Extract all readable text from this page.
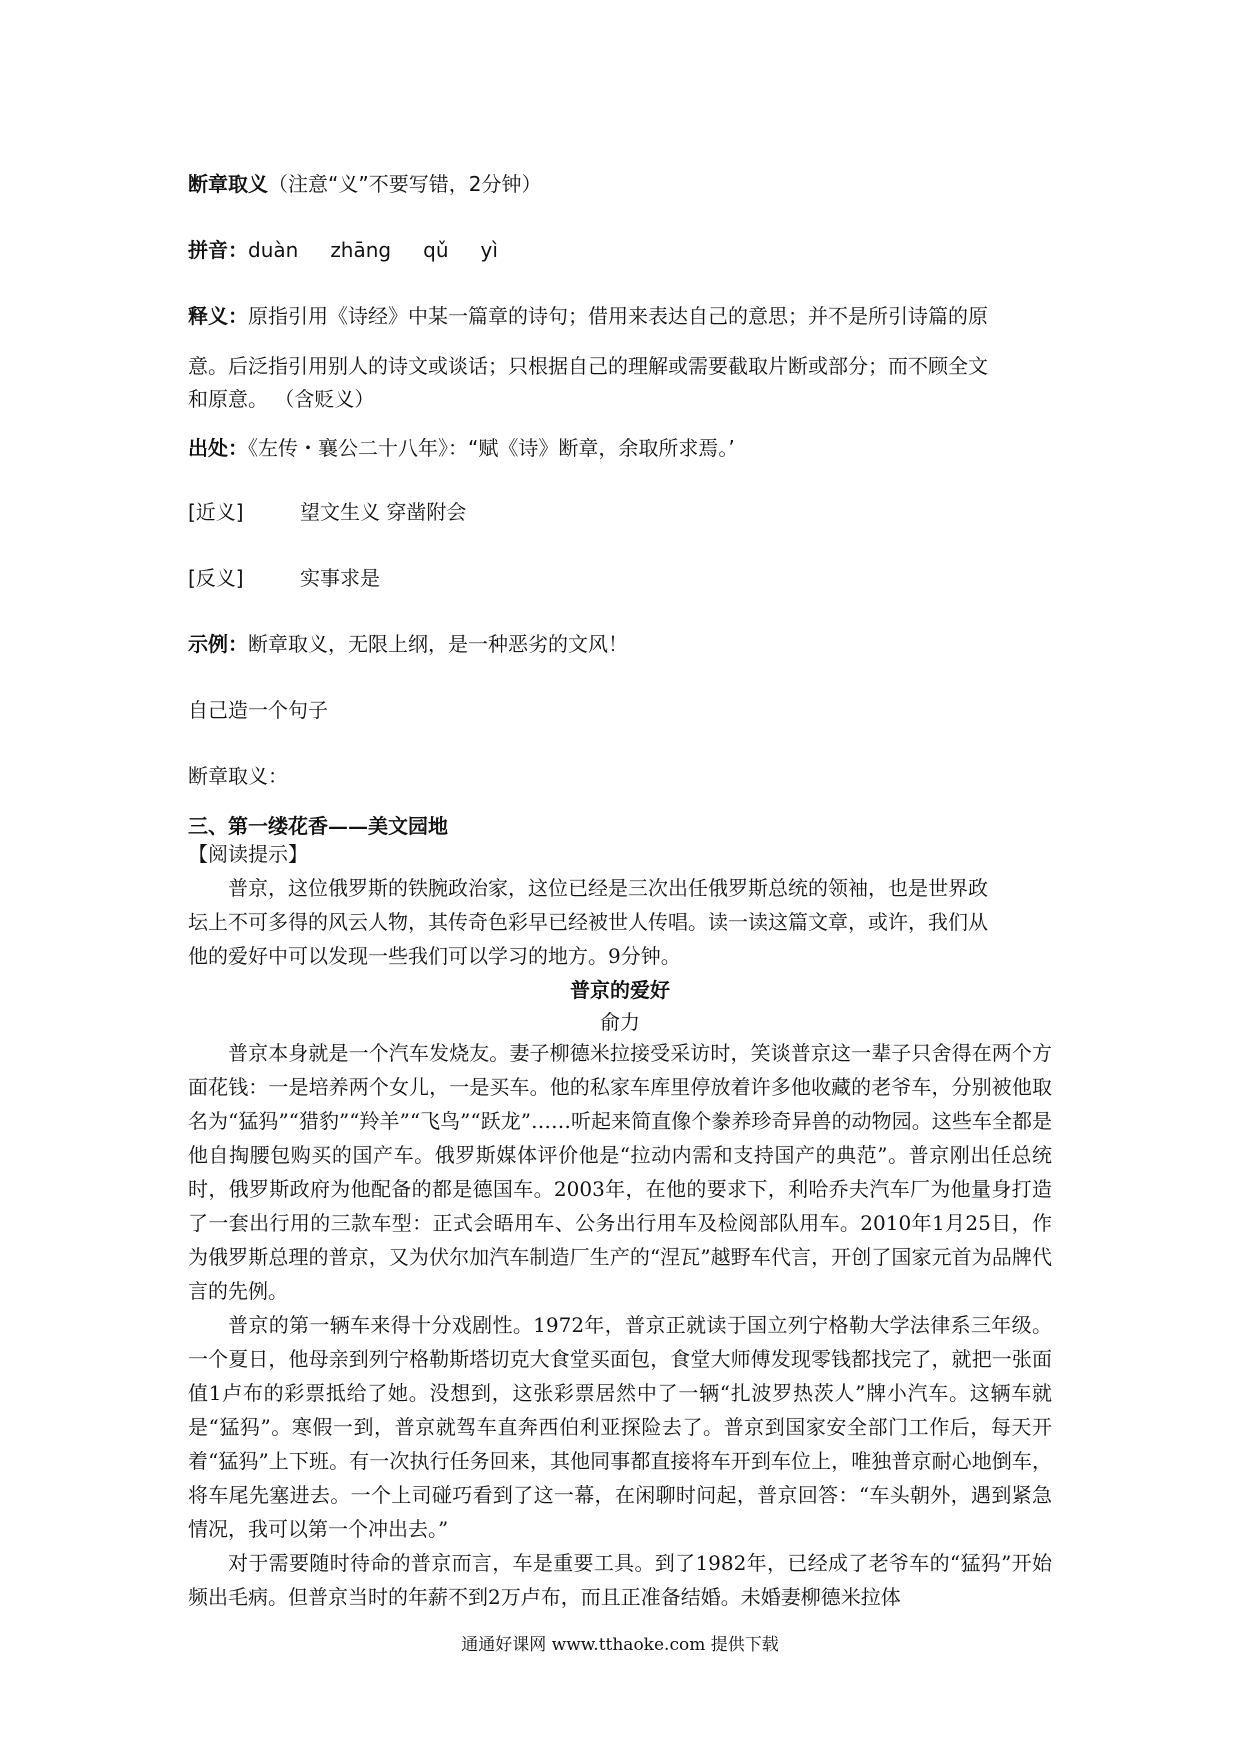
断章取义（注意“义”不要写错，2分钟）
拼音：duàn zhāng qǔ yì
释义：原指引用《诗经》中某一篇章的诗句；借用来表达自己的意思；并不是所引诗篇的原
意。后泛指引用别人的诗文或谈话；只根据自己的理解或需要截取片断或部分；而不顾全文
和原意。 （含贬义）
出处：《左传・襄公二十八年》：“赋《诗》断章，余取所求焉。’
[近义]	望文生义 穿凿附会
[反义]	实事求是
示例：断章取义，无限上纲，是一种恶劣的文风！
自己造一个句子
断章取义：
三、第一缕花香——美文园地
【阅读提示】
普京，这位俄罗斯的铁腕政治家，这位已经是三次出任俄罗斯总统的领袖，也是世界政
坛上不可多得的风云人物，其传奇色彩早已经被世人传唱。读一读这篇文章，或许，我们从
他的爱好中可以发现一些我们可以学习的地方。9分钟。
普京的爱好
俞力

普京本身就是一个汽车发烧友。妻子柳德米拉接受采访时，笑谈普京这一辈子只舍得在两个方面花钱：一是培养两个女儿，一是买车。他的私家车库里停放着许多他收藏的老爷车，分别被他取名为“猛犸”“猎豹”“羚羊”“飞鸟”“跃龙”……听起来简直像个豢养珍奇异兽的动物园。这些车全都是他自掏腰包购买的国产车。俄罗斯媒体评价他是“拉动内需和支持国产的典范”。普京刚出任总统时，俄罗斯政府为他配备的都是德国车。2003年，在他的要求下，利哈乔夫汽车厂为他量身打造了一套出行用的三款车型：正式会晤用车、公务出行用车及检阅部队用车。2010年1月25日，作为俄罗斯总理的普京，又为伏尔加汽车制造厂生产的“涅瓦”越野车代言，开创了国家元首为品牌代言的先例。

普京的第一辆车来得十分戏剧性。1972年，普京正就读于国立列宁格勒大学法律系三年级。一个夏日，他母亲到列宁格勒斯塔切克大食堂买面包，食堂大师傅发现零钱都找完了，就把一张面值1卢布的彩票抵给了她。没想到，这张彩票居然中了一辆“扎波罗热茨人”牌小汽车。这辆车就是“猛犸”。寒假一到，普京就驾车直奔西伯利亚探险去了。普京到国家安全部门工作后，每天开着“猛犸”上下班。有一次执行任务回来，其他同事都直接将车开到车位上，唯独普京耐心地倒车，将车尾先塞进去。一个上司碰巧看到了这一幕，在闲聊时问起，普京回答：“车头朝外，遇到紧急情况，我可以第一个冲出去。”

对于需要随时待命的普京而言，车是重要工具。到了1982年，已经成了老爷车的“猛犸”开始频出毛病。但普京当时的年薪不到2万卢布，而且正准备结婚。未婚妻柳德米拉体

通通好课网 www.tthaoke.com 提供下载
